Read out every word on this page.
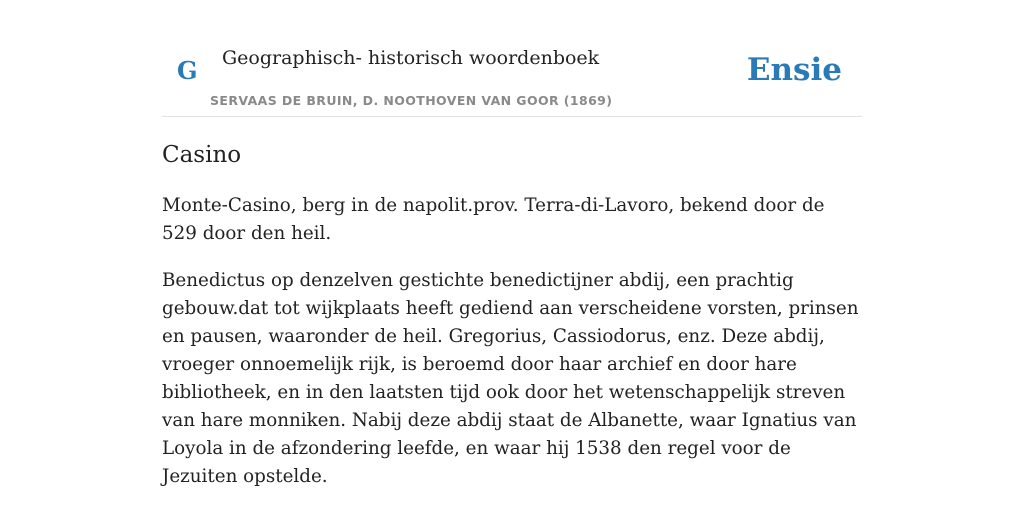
G Geographisch- historisch woordenboek
SERVAAS DE BRUIN, D. NOOTHOVEN VAN GOOR (1869)
Ensie
Casino

Monte-Casino, berg in de napolit.prov. Terra-di-Lavoro, bekend door de 529 door den heil.

Benedictus op denzelven gestichte benedictijner abdij, een prachtig gebouw.dat tot wijkplaats heeft gediend aan verscheidene vorsten, prinsen en pausen, waaronder de heil. Gregorius, Cassiodorus, enz. Deze abdij, vroeger onnoemelijk rijk, is beroemd door haar archief en door hare bibliotheek, en in den laatsten tijd ook door het wetenschappelijk streven van hare monniken. Nabij deze abdij staat de Albanette, waar Ignatius van Loyola in de afzondering leefde, en waar hij 1538 den regel voor de Jezuiten opstelde.
